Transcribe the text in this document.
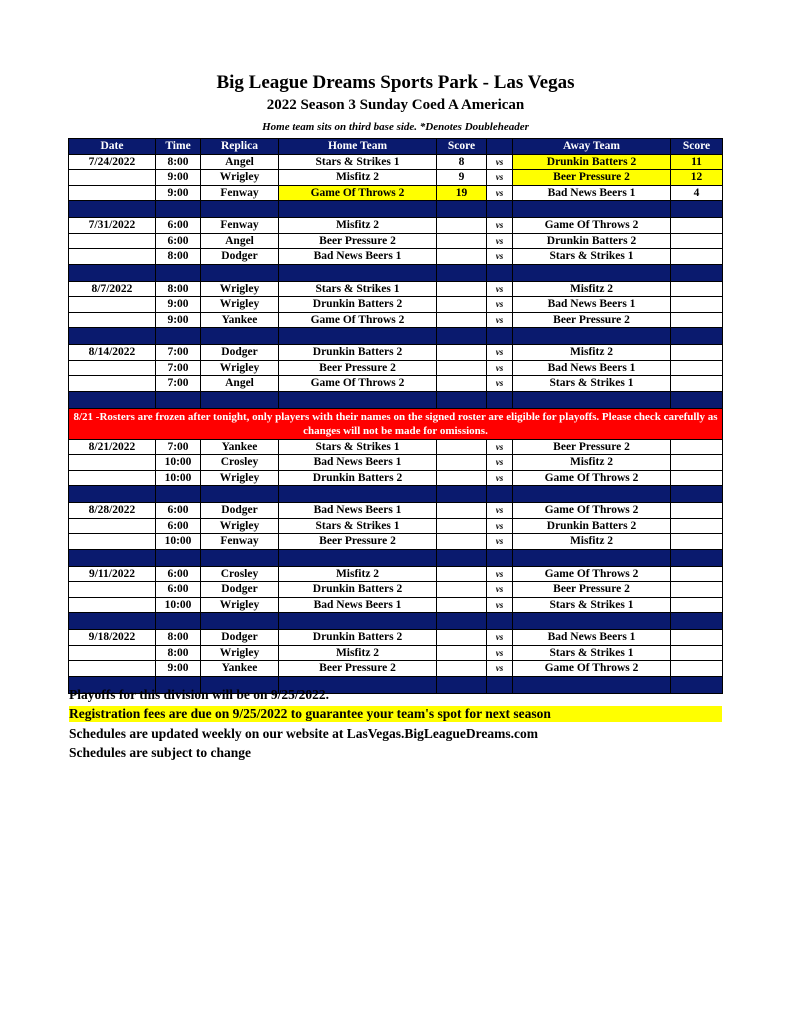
Big League Dreams Sports Park - Las Vegas
2022 Season 3 Sunday Coed A American
Home team sits on third base side. *Denotes Doubleheader
Date	Time	Replica	Home Team	Score		Away Team	Score
7/24/2022	8:00	Angel	Stars & Strikes 1	8	vs	Drunkin Batters 2	11
	9:00	Wrigley	Misfitz 2	9	vs	Beer Pressure 2	12
	9:00	Fenway	Game Of Throws 2	19	vs	Bad News Beers 1	4

7/31/2022	6:00	Fenway	Misfitz 2		vs	Game Of Throws 2	
	6:00	Angel	Beer Pressure 2		vs	Drunkin Batters 2	
	8:00	Dodger	Bad News Beers 1		vs	Stars & Strikes 1	

8/7/2022	8:00	Wrigley	Stars & Strikes 1		vs	Misfitz 2	
	9:00	Wrigley	Drunkin Batters 2		vs	Bad News Beers 1	
	9:00	Yankee	Game Of Throws 2		vs	Beer Pressure 2	

8/14/2022	7:00	Dodger	Drunkin Batters 2		vs	Misfitz 2	
	7:00	Wrigley	Beer Pressure 2		vs	Bad News Beers 1	
	7:00	Angel	Game Of Throws 2		vs	Stars & Strikes 1	

8/21 -Rosters are frozen after tonight, only players with their names on the signed roster are eligible for playoffs. Please check carefully as changes will not be made for omissions.							
8/21/2022	7:00	Yankee	Stars & Strikes 1		vs	Beer Pressure 2	
	10:00	Crosley	Bad News Beers 1		vs	Misfitz 2	
	10:00	Wrigley	Drunkin Batters 2		vs	Game Of Throws 2	

8/28/2022	6:00	Dodger	Bad News Beers 1		vs	Game Of Throws 2	
	6:00	Wrigley	Stars & Strikes 1		vs	Drunkin Batters 2	
	10:00	Fenway	Beer Pressure 2		vs	Misfitz 2	

9/11/2022	6:00	Crosley	Misfitz 2		vs	Game Of Throws 2	
	6:00	Dodger	Drunkin Batters 2		vs	Beer Pressure 2	
	10:00	Wrigley	Bad News Beers 1		vs	Stars & Strikes 1	

9/18/2022	8:00	Dodger	Drunkin Batters 2		vs	Bad News Beers 1	
	8:00	Wrigley	Misfitz 2		vs	Stars & Strikes 1	
	9:00	Yankee	Beer Pressure 2		vs	Game Of Throws 2	

Playoffs for this division will be on 9/25/2022.
Registration fees are due on 9/25/2022 to guarantee your team's spot for next season
Schedules are updated weekly on our website at LasVegas.BigLeagueDreams.com
Schedules are subject to change
